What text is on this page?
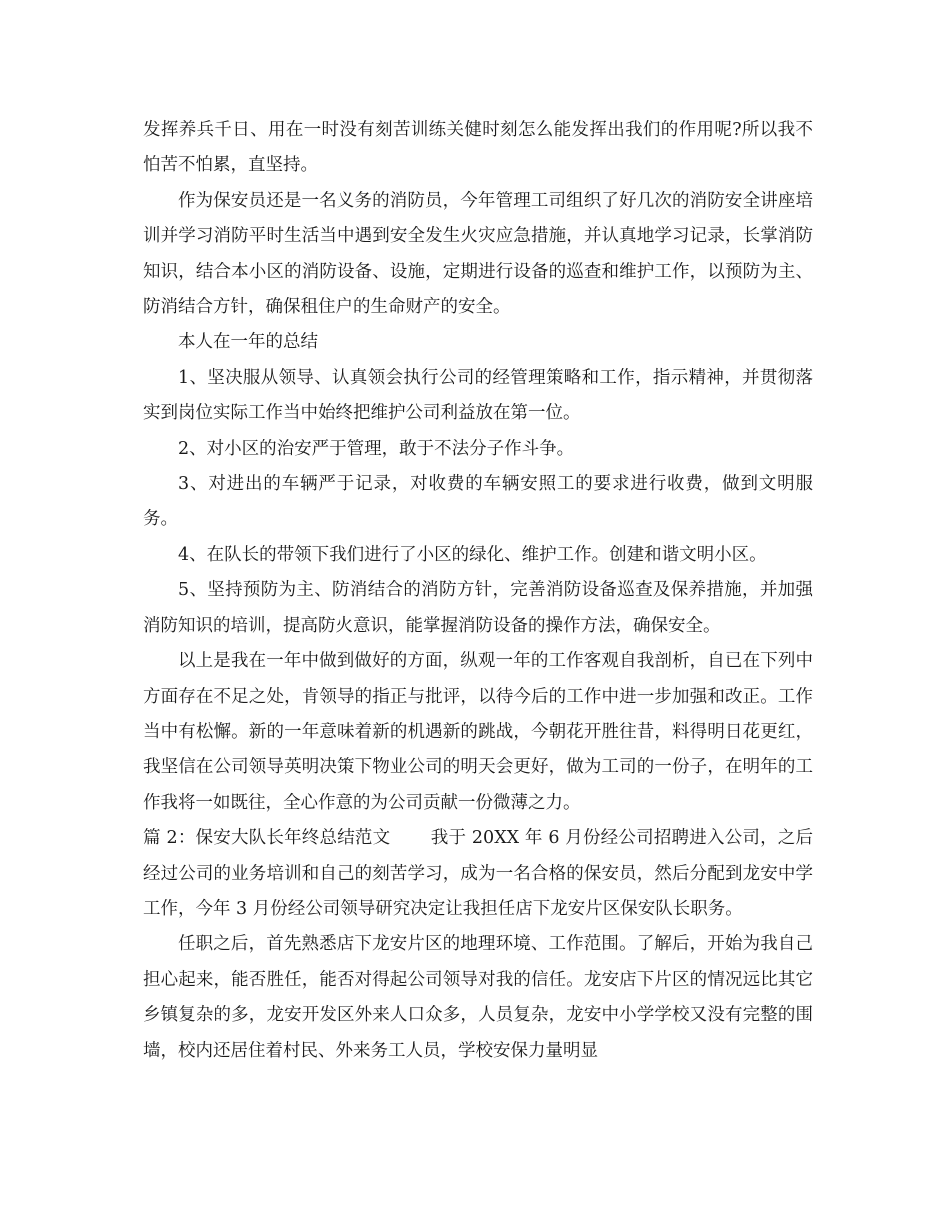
发挥养兵千日、用在一时没有刻苦训练关健时刻怎么能发挥出我们的作用呢?所以我不怕苦不怕累，直坚持。

作为保安员还是一名义务的消防员，今年管理工司组织了好几次的消防安全讲座培训并学习消防平时生活当中遇到安全发生火灾应急措施，并认真地学习记录，长掌消防知识，结合本小区的消防设备、设施，定期进行设备的巡查和维护工作，以预防为主、防消结合方针，确保租住户的生命财产的安全。

本人在一年的总结

1、坚决服从领导、认真领会执行公司的经管理策略和工作，指示精神，并贯彻落实到岗位实际工作当中始终把维护公司利益放在第一位。

2、对小区的治安严于管理，敢于不法分子作斗争。

3、对进出的车辆严于记录，对收费的车辆安照工的要求进行收费，做到文明服务。

4、在队长的带领下我们进行了小区的绿化、维护工作。创建和谐文明小区。

5、坚持预防为主、防消结合的消防方针，完善消防设备巡查及保养措施，并加强消防知识的培训，提高防火意识，能掌握消防设备的操作方法，确保安全。

以上是我在一年中做到做好的方面，纵观一年的工作客观自我剖析，自已在下列中方面存在不足之处，肯领导的指正与批评，以待今后的工作中进一步加强和改正。工作当中有松懈。新的一年意味着新的机遇新的跳战，今朝花开胜往昔，料得明日花更红，我坚信在公司领导英明决策下物业公司的明天会更好，做为工司的一份子，在明年的工作我将一如既往，全心作意的为公司贡献一份微薄之力。

篇 2：保安大队长年终总结范文       我于 20XX 年 6 月份经公司招聘进入公司，之后经过公司的业务培训和自己的刻苦学习，成为一名合格的保安员，然后分配到龙安中学工作，今年 3 月份经公司领导研究决定让我担任店下龙安片区保安队长职务。

任职之后，首先熟悉店下龙安片区的地理环境、工作范围。了解后，开始为我自己担心起来，能否胜任，能否对得起公司领导对我的信任。龙安店下片区的情况远比其它乡镇复杂的多，龙安开发区外来人口众多，人员复杂，龙安中小学学校又没有完整的围墙，校内还居住着村民、外来务工人员，学校安保力量明显
